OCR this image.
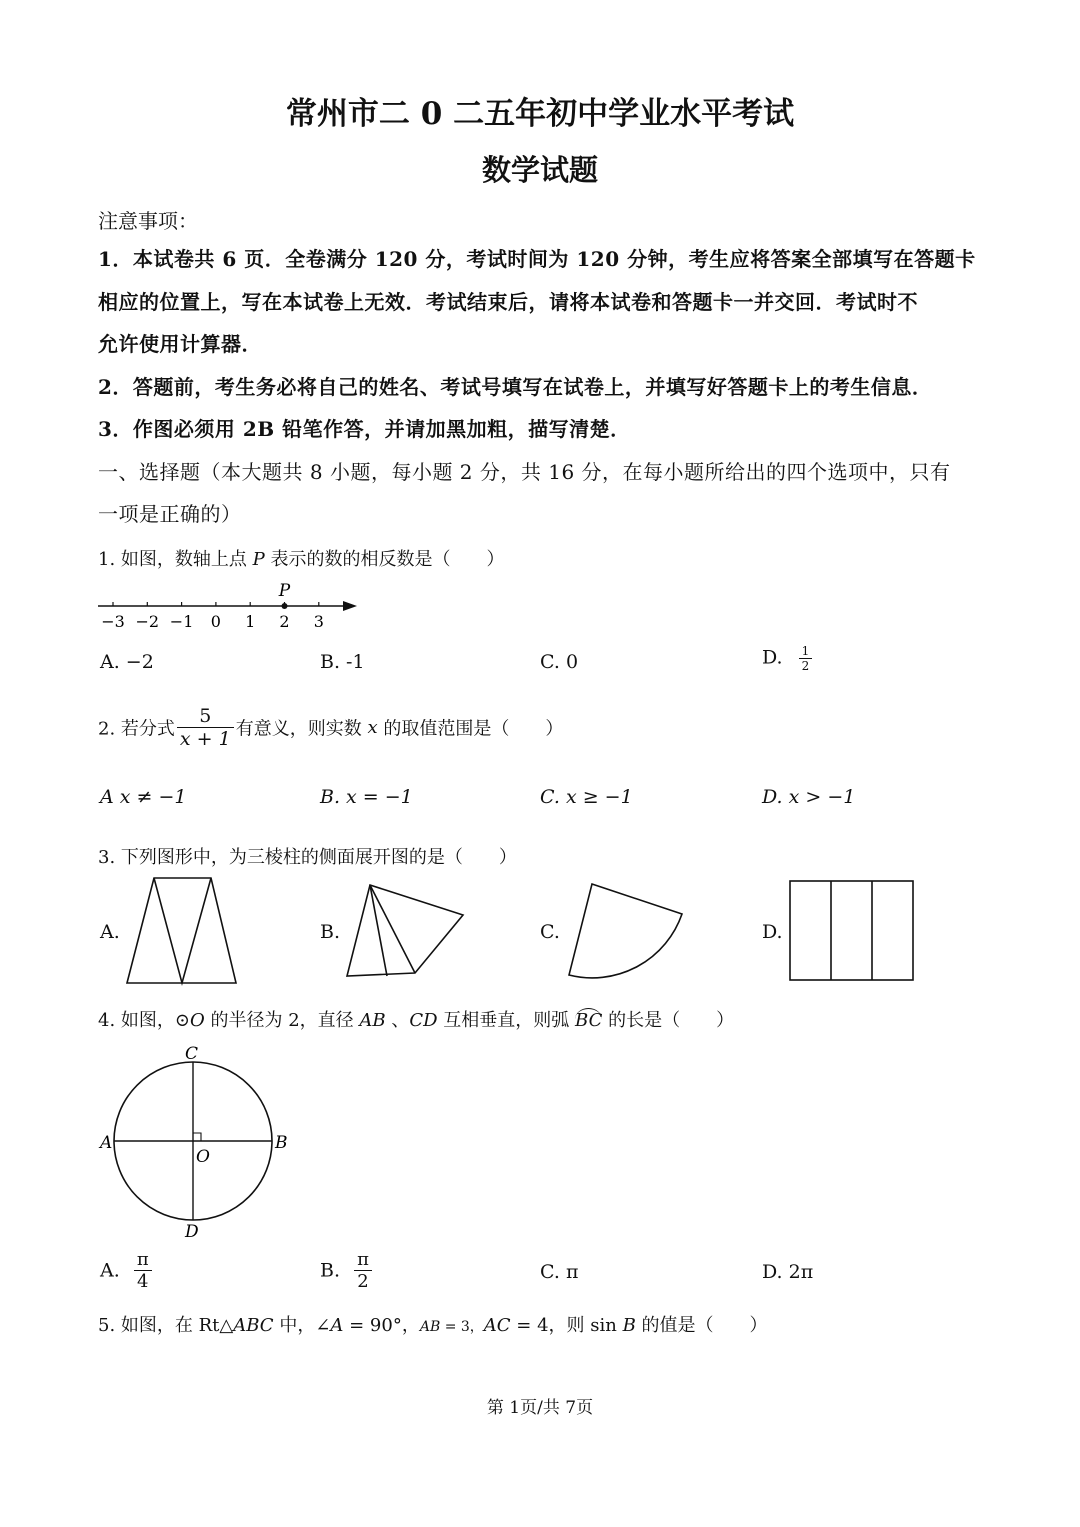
常州市二 0 二五年初中学业水平考试
数学试题
注意事项：
1．本试卷共 6 页．全卷满分 120 分，考试时间为 120 分钟，考生应将答案全部填写在答题卡
相应的位置上，写在本试卷上无效．考试结束后，请将本试卷和答题卡一并交回．考试时不
允许使用计算器．
2．答题前，考生务必将自己的姓名、考试号填写在试卷上，并填写好答题卡上的考生信息．
3．作图必须用 2B 铅笔作答，并请加黑加粗，描写清楚．
一、选择题（本大题共 8 小题，每小题 2 分，共 16 分，在每小题所给出的四个选项中，只有
一项是正确的）
1. 如图，数轴上点 P 表示的数的相反数是（　　）
−3 −2 −1 0 1 2 3
P
A. −2	B. -1	C. 0	D. $\frac{1}{2}$
2. 若分式 $\frac{5}{x + 1}$ 有意义，则实数 x 的取值范围是（　　）
A x ≠ −1	B. x = −1	C. x ≥ −1	D. x > −1
3. 下列图形中，为三棱柱的侧面展开图的是（　　）
A.	B.	C.	D.
4. 如图，⊙O 的半径为 2，直径 AB 、CD 互相垂直，则弧 BC 的长是（　　）
C
A	B
O
D
A. $\frac{\pi}{4}$	B. $\frac{\pi}{2}$	C. π	D. 2π
5. 如图，在 Rt△ABC 中，∠A = 90°，AB = 3，AC = 4，则 sin B 的值是（　　）
第 1页/共 7页
